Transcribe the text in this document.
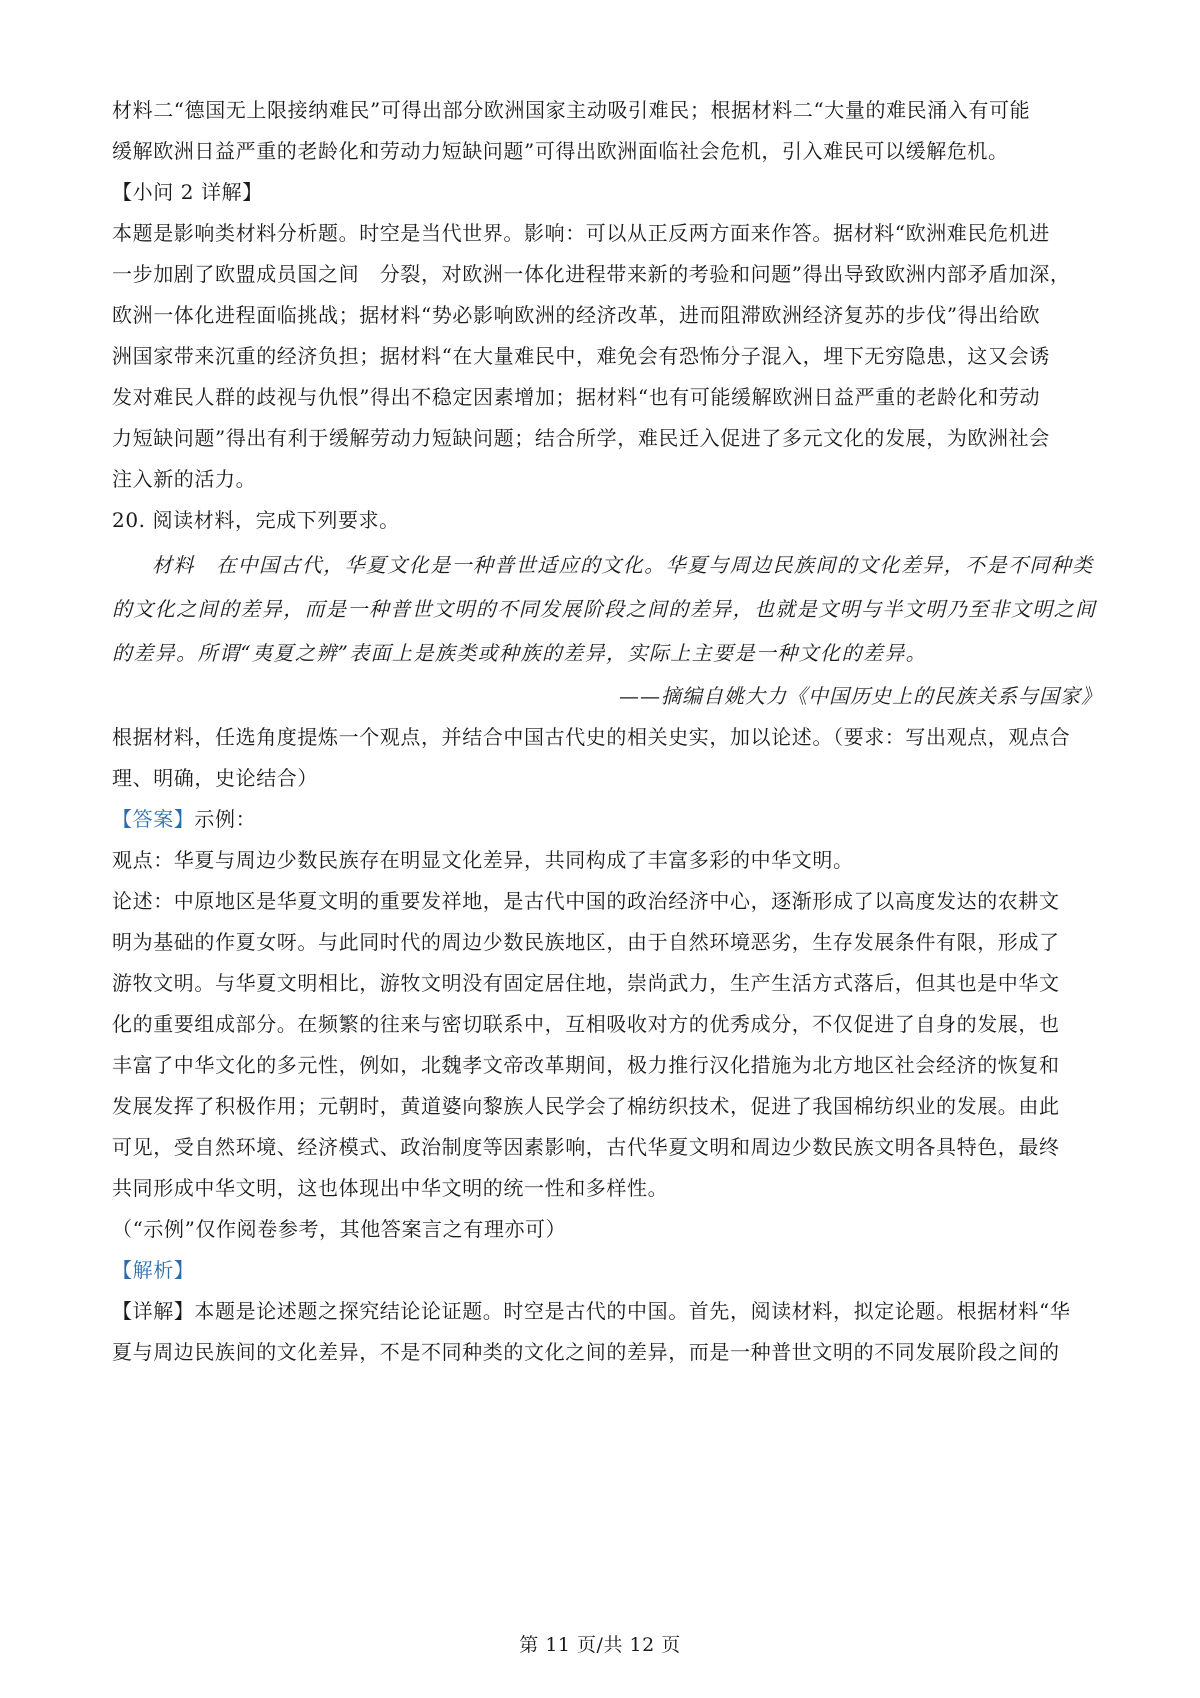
材料二“德国无上限接纳难民”可得出部分欧洲国家主动吸引难民；根据材料二“大量的难民涌入有可能
缓解欧洲日益严重的老龄化和劳动力短缺问题”可得出欧洲面临社会危机，引入难民可以缓解危机。

【小问 2 详解】

本题是影响类材料分析题。时空是当代世界。影响：可以从正反两方面来作答。据材料“欧洲难民危机进
一步加剧了欧盟成员国之间　分裂，对欧洲一体化进程带来新的考验和问题”得出导致欧洲内部矛盾加深，
欧洲一体化进程面临挑战；据材料“势必影响欧洲的经济改革，进而阻滞欧洲经济复苏的步伐”得出给欧
洲国家带来沉重的经济负担；据材料“在大量难民中，难免会有恐怖分子混入，埋下无穷隐患，这又会诱
发对难民人群的歧视与仇恨”得出不稳定因素增加；据材料“也有可能缓解欧洲日益严重的老龄化和劳动
力短缺问题”得出有利于缓解劳动力短缺问题；结合所学，难民迁入促进了多元文化的发展，为欧洲社会
注入新的活力。

20. 阅读材料，完成下列要求。

材料　在中国古代，华夏文化是一种普世适应的文化。华夏与周边民族间的文化差异，不是不同种类
的文化之间的差异，而是一种普世文明的不同发展阶段之间的差异，也就是文明与半文明乃至非文明之间
的差异。所谓“夷夏之辨”表面上是族类或种族的差异，实际上主要是一种文化的差异。

——摘编自姚大力《中国历史上的民族关系与国家》

根据材料，任选角度提炼一个观点，并结合中国古代史的相关史实，加以论述。（要求：写出观点，观点合
理、明确，史论结合）

【答案】示例：

观点：华夏与周边少数民族存在明显文化差异，共同构成了丰富多彩的中华文明。

论述：中原地区是华夏文明的重要发祥地，是古代中国的政治经济中心，逐渐形成了以高度发达的农耕文
明为基础的作夏女呀。与此同时代的周边少数民族地区，由于自然环境恶劣，生存发展条件有限，形成了
游牧文明。与华夏文明相比，游牧文明没有固定居住地，崇尚武力，生产生活方式落后，但其也是中华文
化的重要组成部分。在频繁的往来与密切联系中，互相吸收对方的优秀成分，不仅促进了自身的发展，也
丰富了中华文化的多元性，例如，北魏孝文帝改革期间，极力推行汉化措施为北方地区社会经济的恢复和
发展发挥了积极作用；元朝时，黄道婆向黎族人民学会了棉纺织技术，促进了我国棉纺织业的发展。由此
可见，受自然环境、经济模式、政治制度等因素影响，古代华夏文明和周边少数民族文明各具特色，最终
共同形成中华文明，这也体现出中华文明的统一性和多样性。

（“示例”仅作阅卷参考，其他答案言之有理亦可）

【解析】

【详解】本题是论述题之探究结论论证题。时空是古代的中国。首先，阅读材料，拟定论题。根据材料“华
夏与周边民族间的文化差异，不是不同种类的文化之间的差异，而是一种普世文明的不同发展阶段之间的

第 11 页/共 12 页
